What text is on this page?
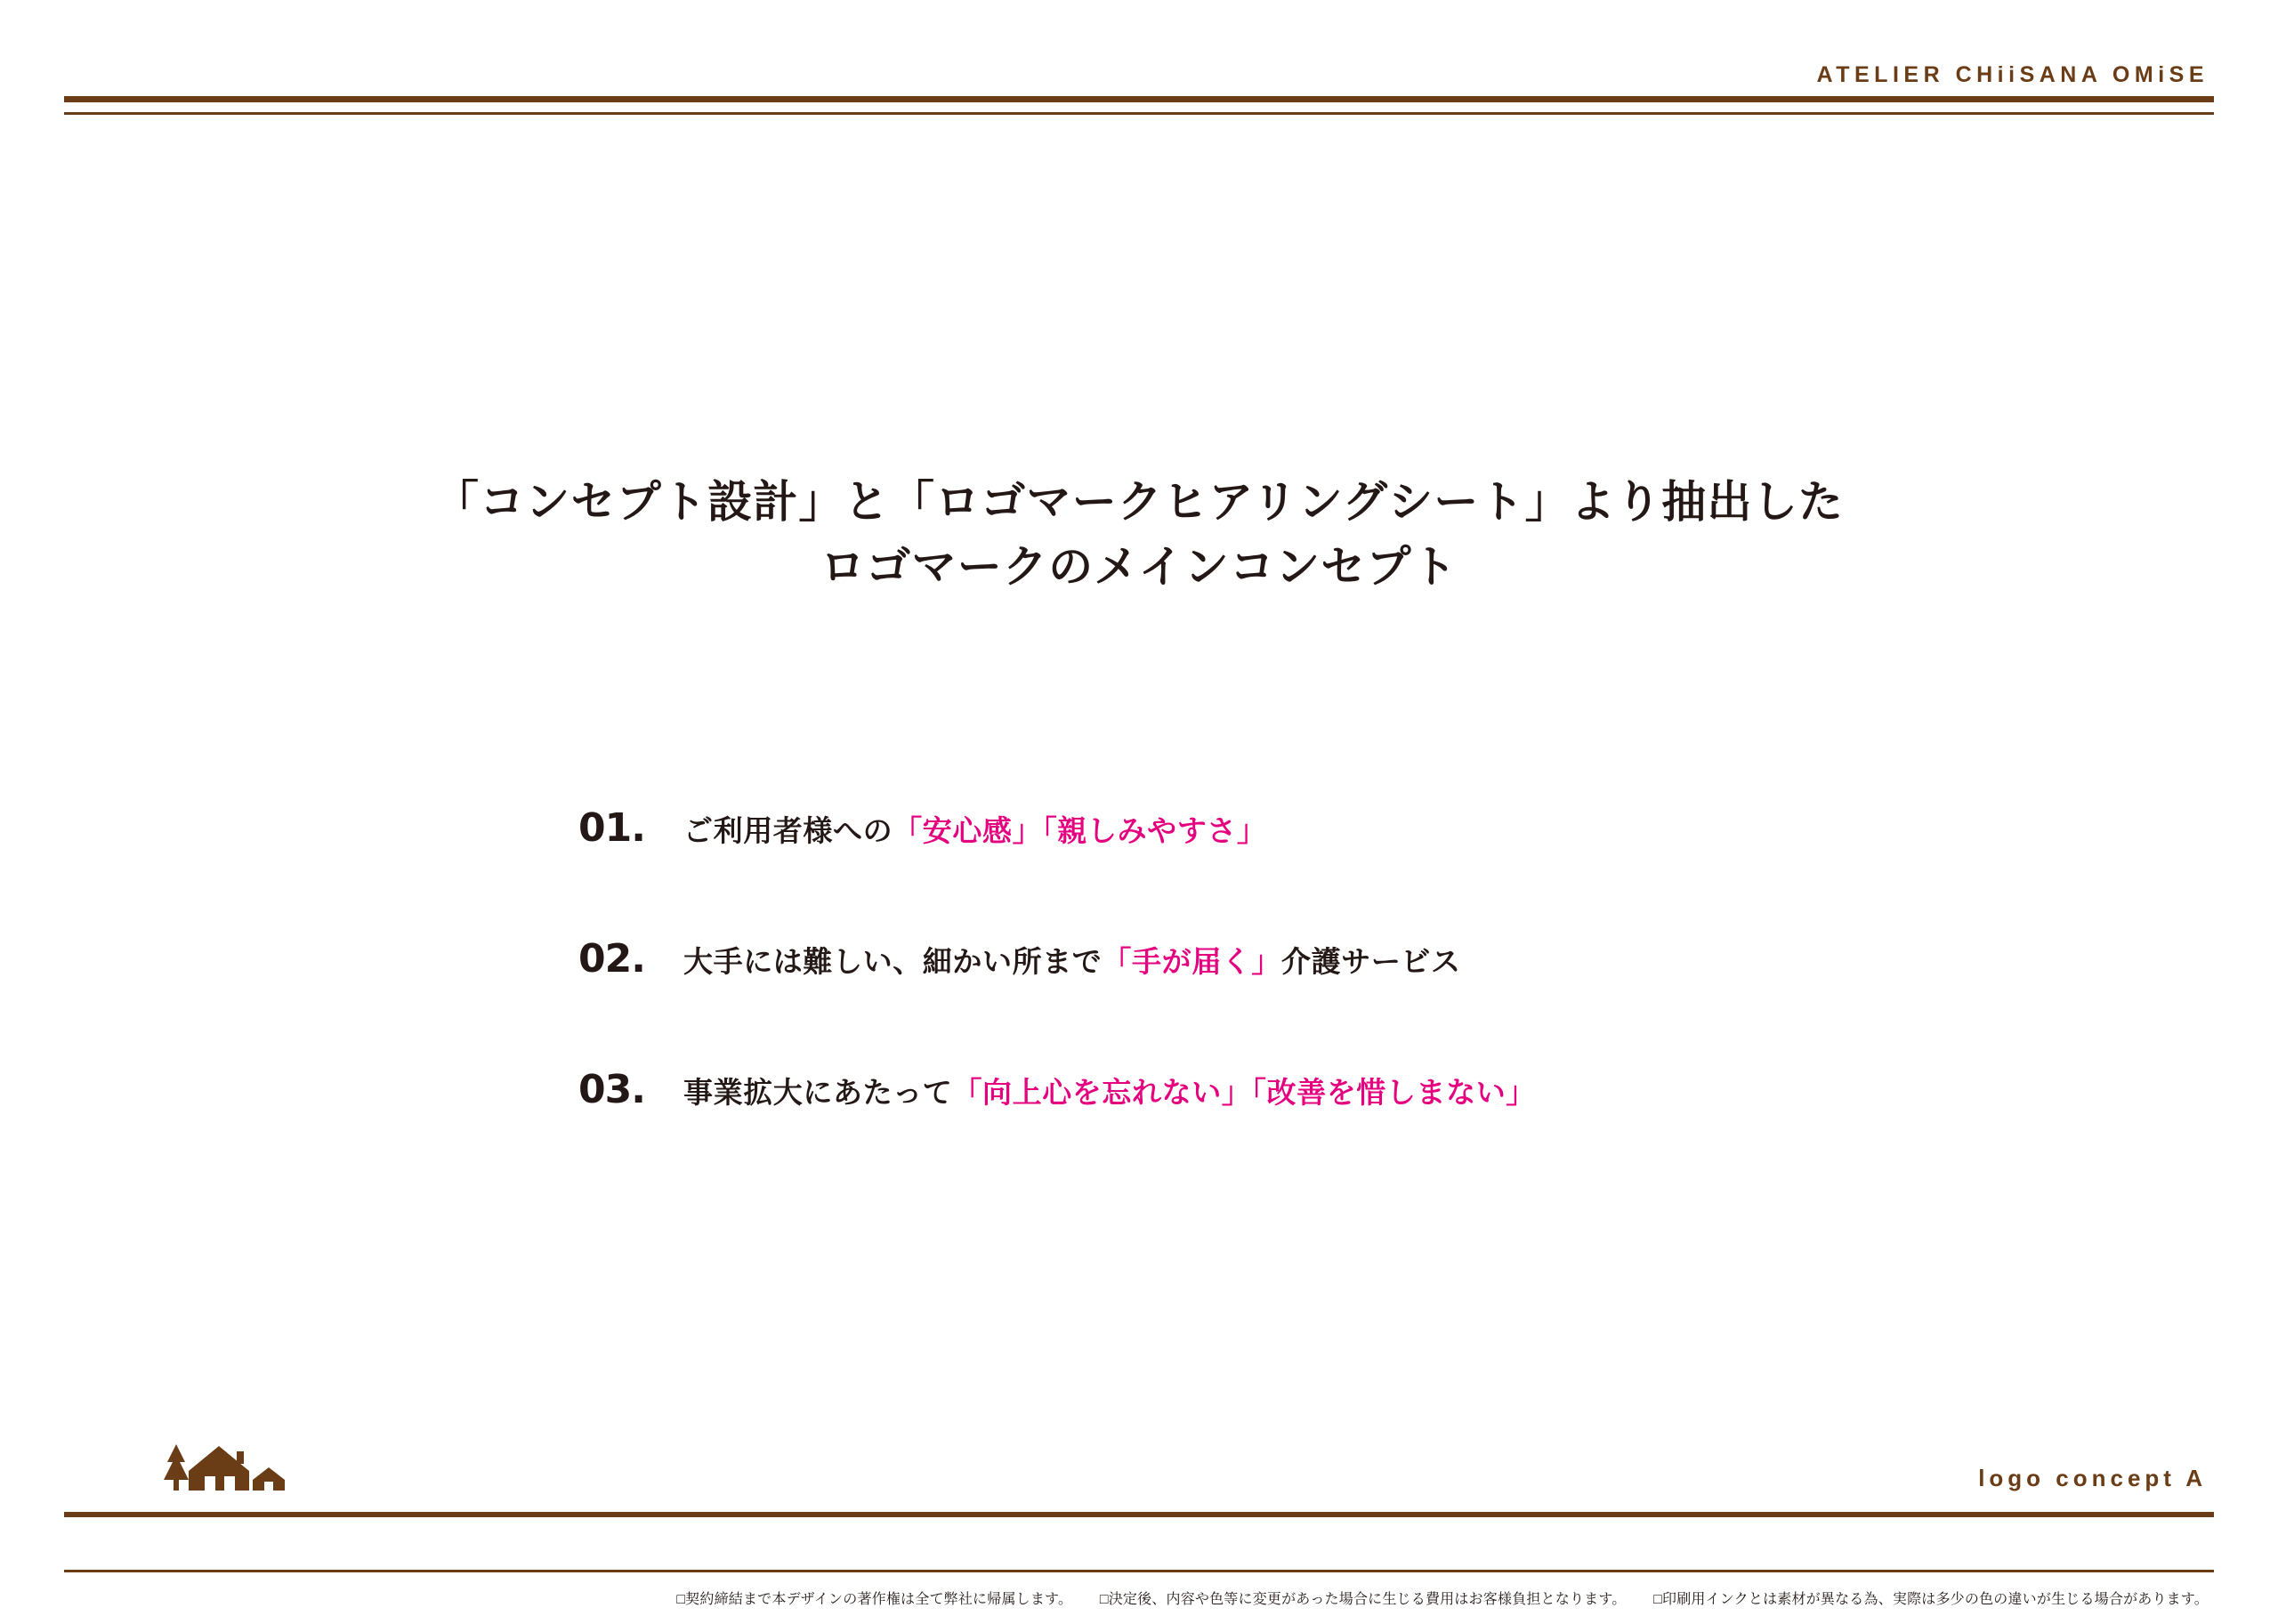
ATELIER CHiiSANA OMiSE
「コンセプト設計」と「ロゴマークヒアリングシート」より抽出した
ロゴマークのメインコンセプト
01.	ご利用者様への「安心感」「親しみやすさ」
02.	大手には難しい、細かい所まで「手が届く」介護サービス
03.	事業拡大にあたって「向上心を忘れない」「改善を惜しまない」
logo concept A
□契約締結まで本デザインの著作権は全て弊社に帰属します。 □決定後、内容や色等に変更があった場合に生じる費用はお客様負担となります。 □印刷用インクとは素材が異なる為、実際は多少の色の違いが生じる場合があります。
